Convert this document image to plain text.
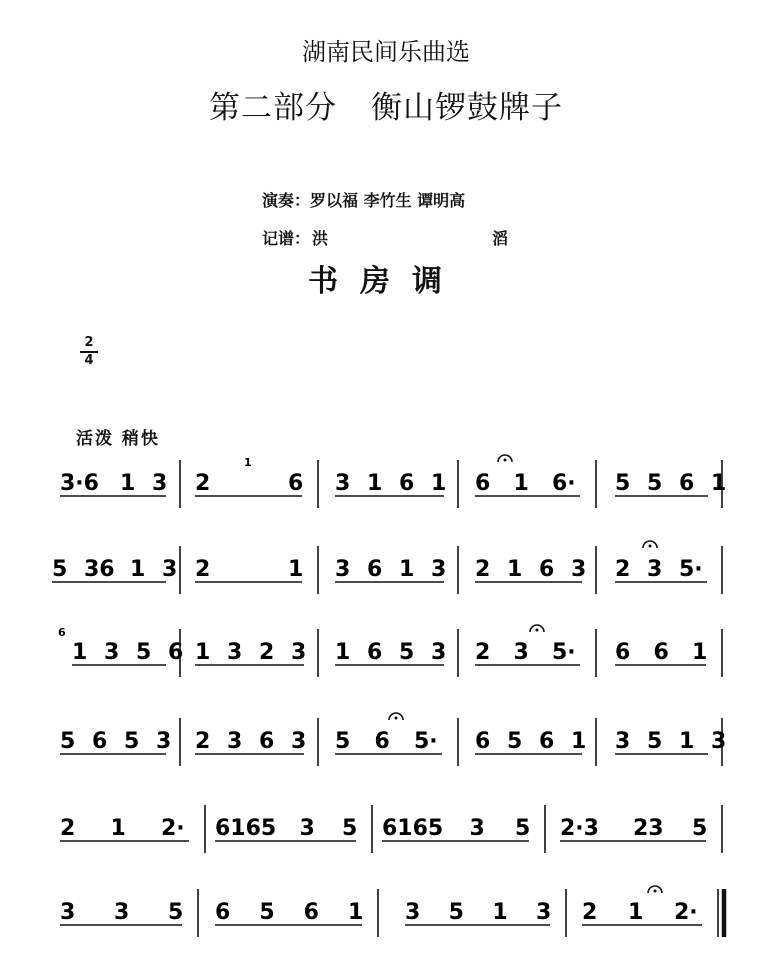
湖南民间乐曲选
第二部分 衡山锣鼓牌子
演奏：罗以福 李竹生 谭明高
记谱： 洪	滔
书房调
2
4
活泼 稍快
3·6 1 3 2	6 3 1 6 1 6 1 6· 5 5 6 1
5 36 1 3 2	1 3 6 1 3 2 1 6 3 2 3 5·
1 3 5 6 1 3 2 3 1 6 5 3 2 3 5· 6 6 1
5 6 5 3 2 3 6 3 5 6 5· 6 5 6 1 3 5 1 3
2 1 2· 6165 3 5 6165 3 5 2·3 23 5
3 3 5 6 5 6 1 3 5 1 3 2 1 2·
1
6
